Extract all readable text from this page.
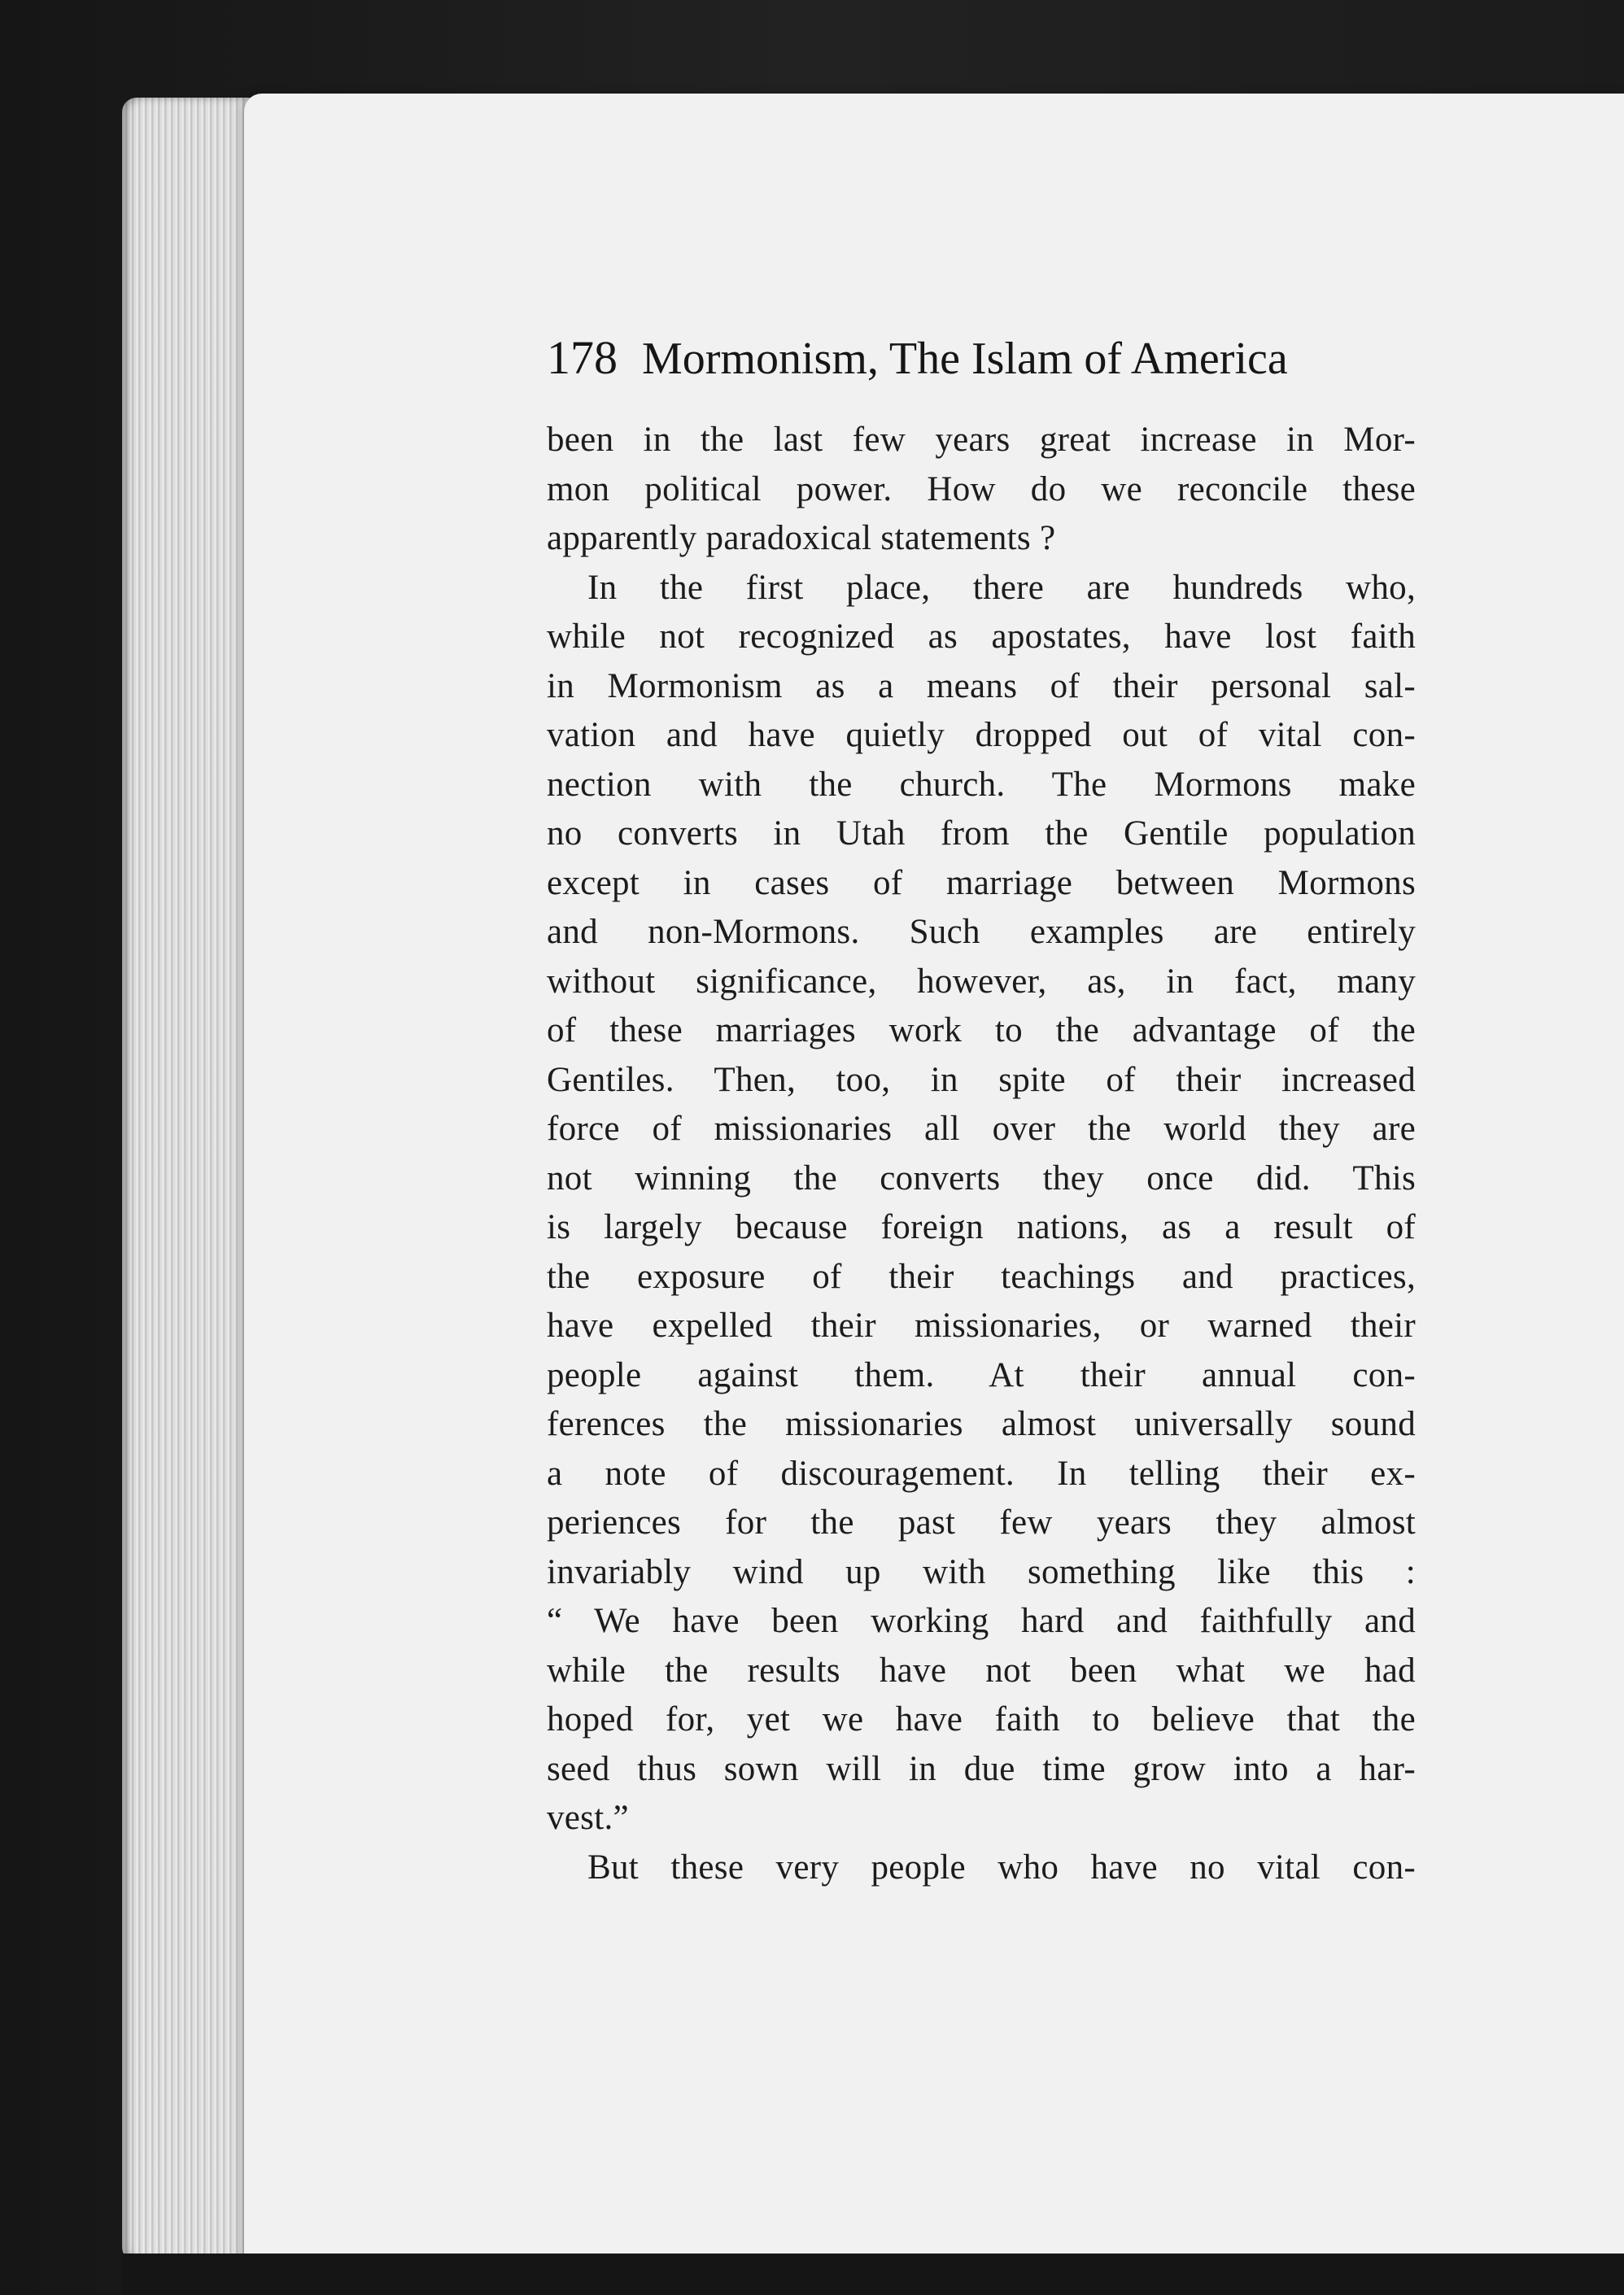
178 Mormonism, The Islam of America
been in the last few years great increase in Mor-
mon political power. How do we reconcile these
apparently paradoxical statements ?
In the first place, there are hundreds who,
while not recognized as apostates, have lost faith
in Mormonism as a means of their personal sal-
vation and have quietly dropped out of vital con-
nection with the church. The Mormons make
no converts in Utah from the Gentile population
except in cases of marriage between Mormons
and non-Mormons. Such examples are entirely
without significance, however, as, in fact, many
of these marriages work to the advantage of the
Gentiles. Then, too, in spite of their increased
force of missionaries all over the world they are
not winning the converts they once did. This
is largely because foreign nations, as a result of
the exposure of their teachings and practices,
have expelled their missionaries, or warned their
people against them. At their annual con-
ferences the missionaries almost universally sound
a note of discouragement. In telling their ex-
periences for the past few years they almost
invariably wind up with something like this :
“ We have been working hard and faithfully and
while the results have not been what we had
hoped for, yet we have faith to believe that the
seed thus sown will in due time grow into a har-
vest.”
But these very people who have no vital con-
